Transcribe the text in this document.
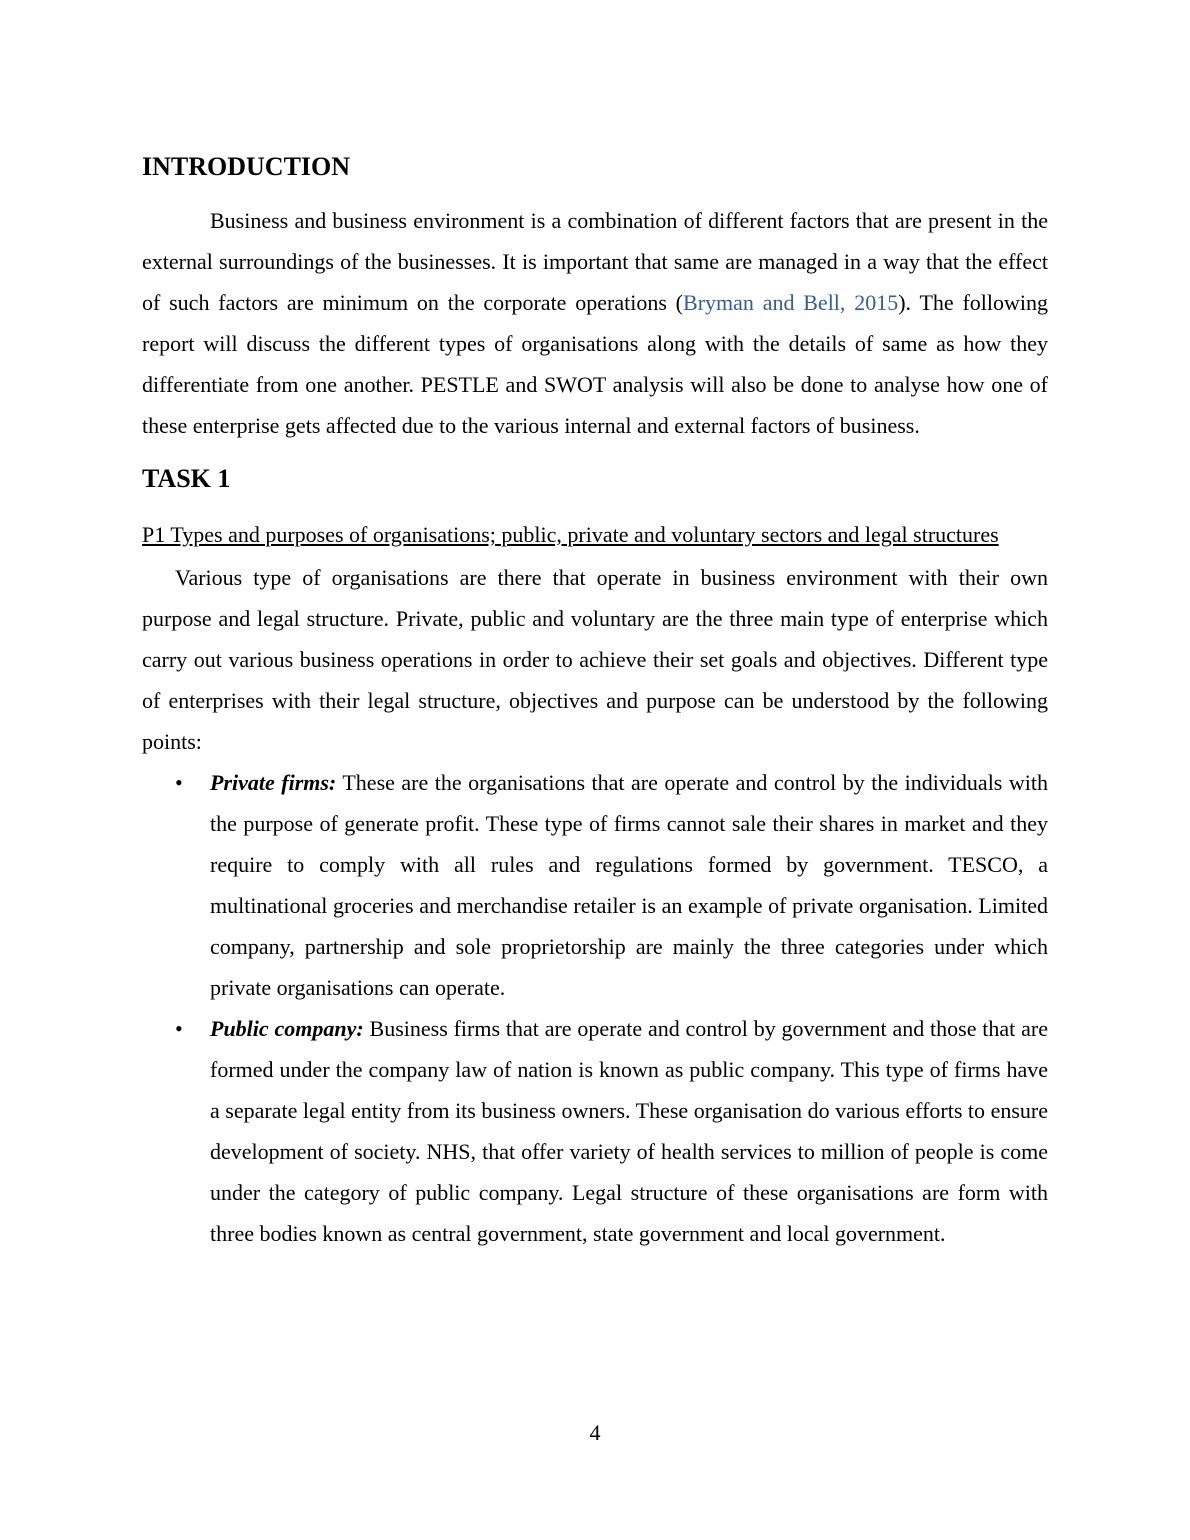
INTRODUCTION

Business and business environment is a combination of different factors that are present in the external surroundings of the businesses. It is important that same are managed in a way that the effect of such factors are minimum on the corporate operations (Bryman and Bell, 2015). The following report will discuss the different types of organisations along with the details of same as how they differentiate from one another. PESTLE and SWOT analysis will also be done to analyse how one of these enterprise gets affected due to the various internal and external factors of business.

TASK 1
P1 Types and purposes of organisations; public, private and voluntary sectors and legal structures

Various type of organisations are there that operate in business environment with their own purpose and legal structure. Private, public and voluntary are the three main type of enterprise which carry out various business operations in order to achieve their set goals and objectives. Different type of enterprises with their legal structure, objectives and purpose can be understood by the following points:

• Private firms: These are the organisations that are operate and control by the individuals with the purpose of generate profit. These type of firms cannot sale their shares in market and they require to comply with all rules and regulations formed by government. TESCO, a multinational groceries and merchandise retailer is an example of private organisation. Limited company, partnership and sole proprietorship are mainly the three categories under which private organisations can operate.
• Public company: Business firms that are operate and control by government and those that are formed under the company law of nation is known as public company. This type of firms have a separate legal entity from its business owners. These organisation do various efforts to ensure development of society. NHS, that offer variety of health services to million of people is come under the category of public company. Legal structure of these organisations are form with three bodies known as central government, state government and local government.
4
